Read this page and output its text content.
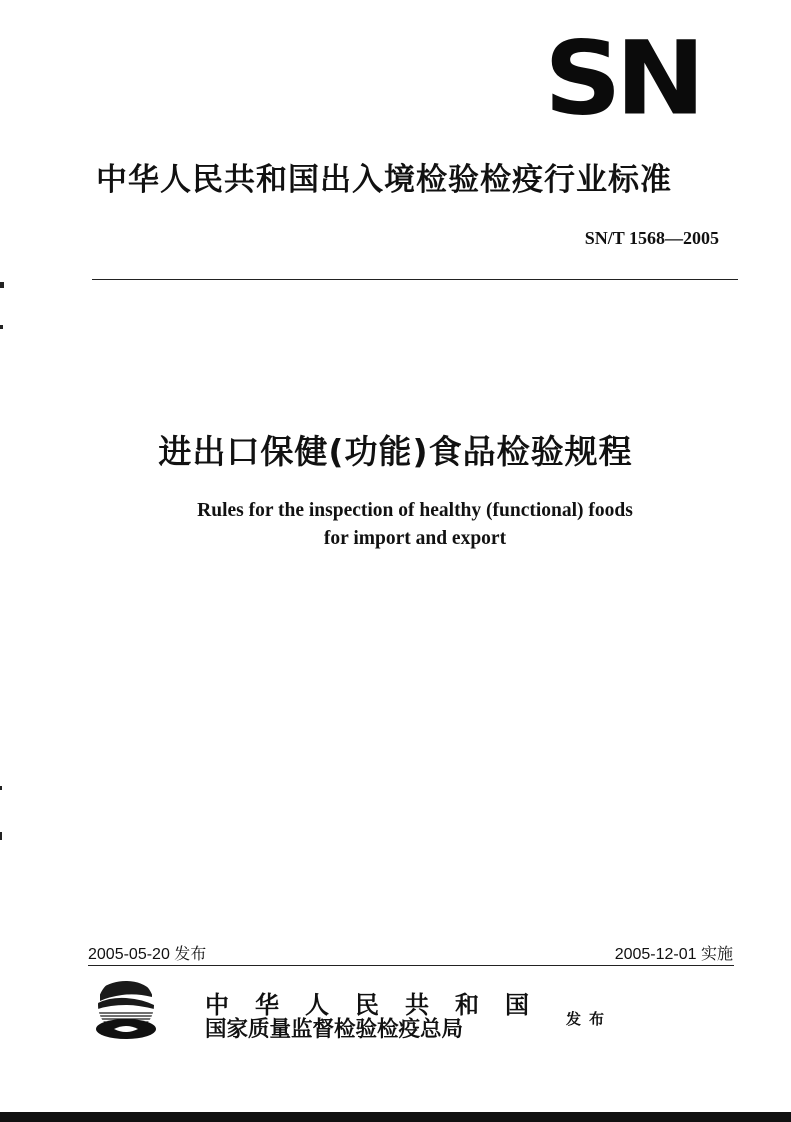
SN
中华人民共和国出入境检验检疫行业标准
SN/T 1568—2005
进出口保健(功能)食品检验规程
Rules for the inspection of healthy (functional) foods
for import and export
2005-05-20 发布	2005-12-01 实施
中华人民共和国
国家质量监督检验检疫总局	发布
